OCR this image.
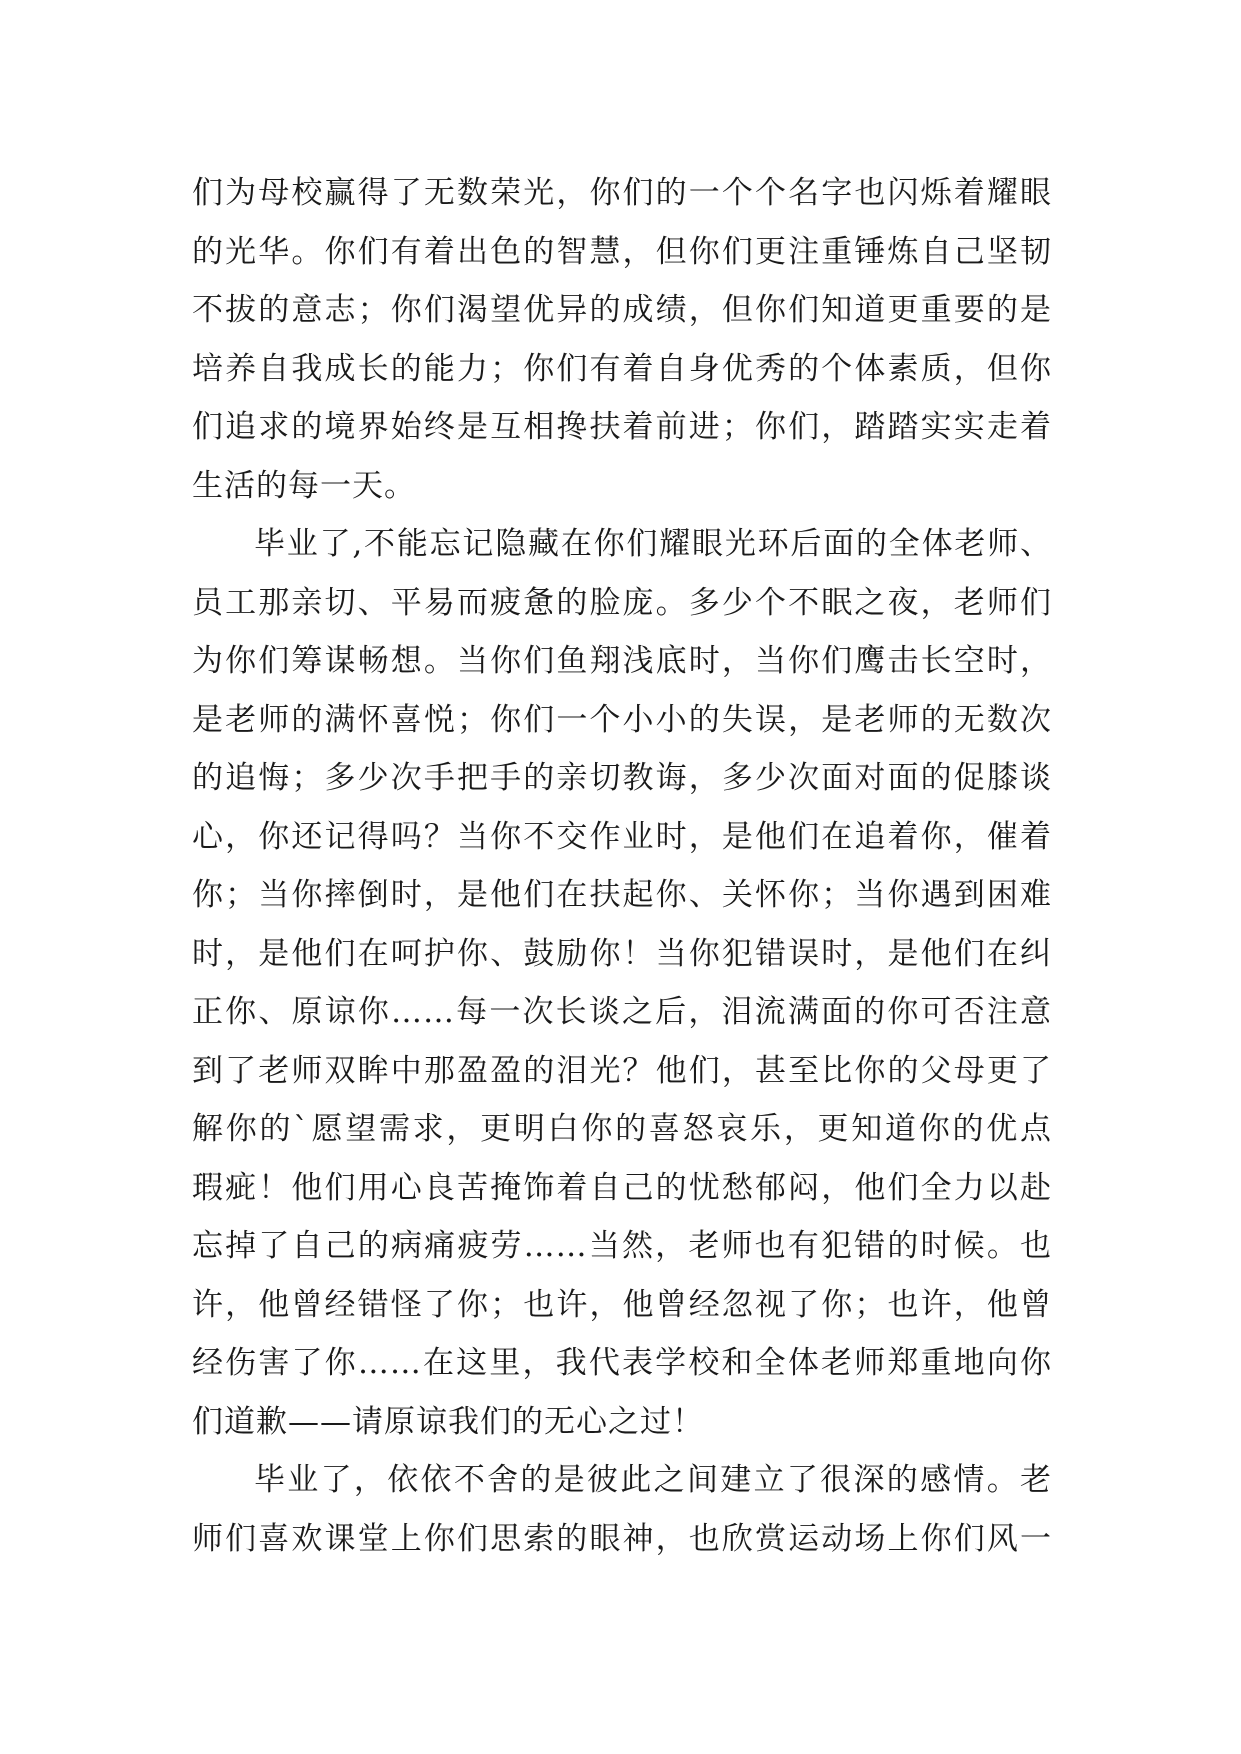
们为母校赢得了无数荣光，你们的一个个名字也闪烁着耀眼
的光华。你们有着出色的智慧，但你们更注重锤炼自己坚韧
不拔的意志；你们渴望优异的成绩，但你们知道更重要的是
培养自我成长的能力；你们有着自身优秀的个体素质，但你
们追求的境界始终是互相搀扶着前进；你们，踏踏实实走着
生活的每一天。
毕业了,不能忘记隐藏在你们耀眼光环后面的全体老师、
员工那亲切、平易而疲惫的脸庞。多少个不眠之夜，老师们
为你们筹谋畅想。当你们鱼翔浅底时，当你们鹰击长空时，
是老师的满怀喜悦；你们一个小小的失误，是老师的无数次
的追悔；多少次手把手的亲切教诲，多少次面对面的促膝谈
心，你还记得吗？当你不交作业时，是他们在追着你，催着
你；当你摔倒时，是他们在扶起你、关怀你；当你遇到困难
时，是他们在呵护你、鼓励你！当你犯错误时，是他们在纠
正你、原谅你……每一次长谈之后，泪流满面的你可否注意
到了老师双眸中那盈盈的泪光？他们，甚至比你的父母更了
解你的`愿望需求，更明白你的喜怒哀乐，更知道你的优点
瑕疵！他们用心良苦掩饰着自己的忧愁郁闷，他们全力以赴
忘掉了自己的病痛疲劳……当然，老师也有犯错的时候。也
许，他曾经错怪了你；也许，他曾经忽视了你；也许，他曾
经伤害了你……在这里，我代表学校和全体老师郑重地向你
们道歉——请原谅我们的无心之过！
毕业了，依依不舍的是彼此之间建立了很深的感情。老
师们喜欢课堂上你们思索的眼神，也欣赏运动场上你们风一
